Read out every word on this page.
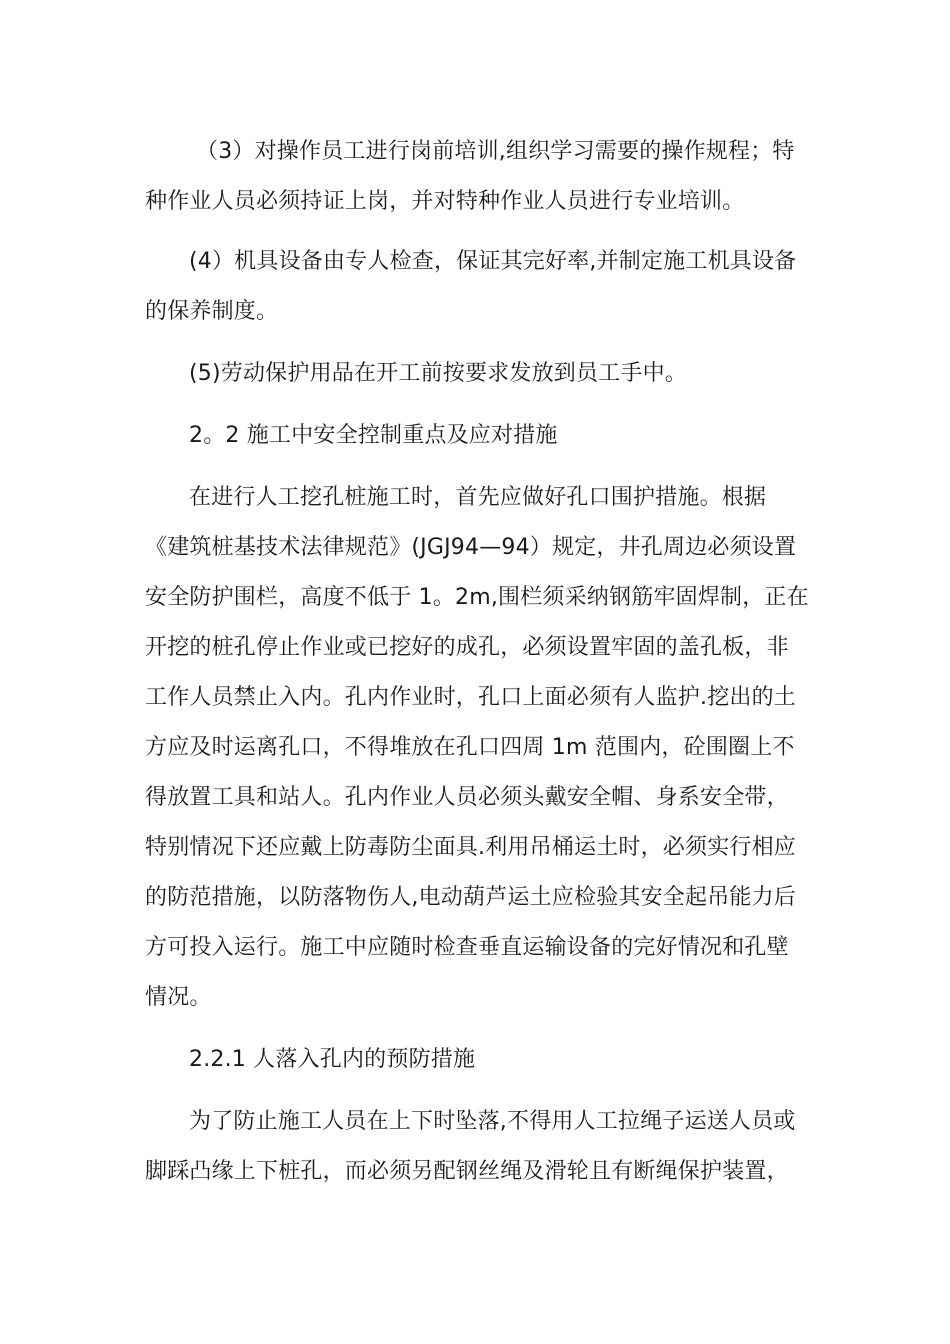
（3）对操作员工进行岗前培训,组织学习需要的操作规程；特
种作业人员必须持证上岗，并对特种作业人员进行专业培训。
(4）机具设备由专人检查，保证其完好率,并制定施工机具设备
的保养制度。
(5)劳动保护用品在开工前按要求发放到员工手中。
2。2 施工中安全控制重点及应对措施
在进行人工挖孔桩施工时，首先应做好孔口围护措施。根据
《建筑桩基技术法律规范》(JGJ94—94）规定，井孔周边必须设置
安全防护围栏，高度不低于 1。2m,围栏须采纳钢筋牢固焊制，正在
开挖的桩孔停止作业或已挖好的成孔，必须设置牢固的盖孔板，非
工作人员禁止入内。孔内作业时，孔口上面必须有人监护.挖出的土
方应及时运离孔口，不得堆放在孔口四周 1m 范围内，砼围圈上不
得放置工具和站人。孔内作业人员必须头戴安全帽、身系安全带，
特别情况下还应戴上防毒防尘面具.利用吊桶运土时，必须实行相应
的防范措施，以防落物伤人,电动葫芦运土应检验其安全起吊能力后
方可投入运行。施工中应随时检查垂直运输设备的完好情况和孔壁
情况。
2.2.1 人落入孔内的预防措施
为了防止施工人员在上下时坠落,不得用人工拉绳子运送人员或
脚踩凸缘上下桩孔，而必须另配钢丝绳及滑轮且有断绳保护装置，
